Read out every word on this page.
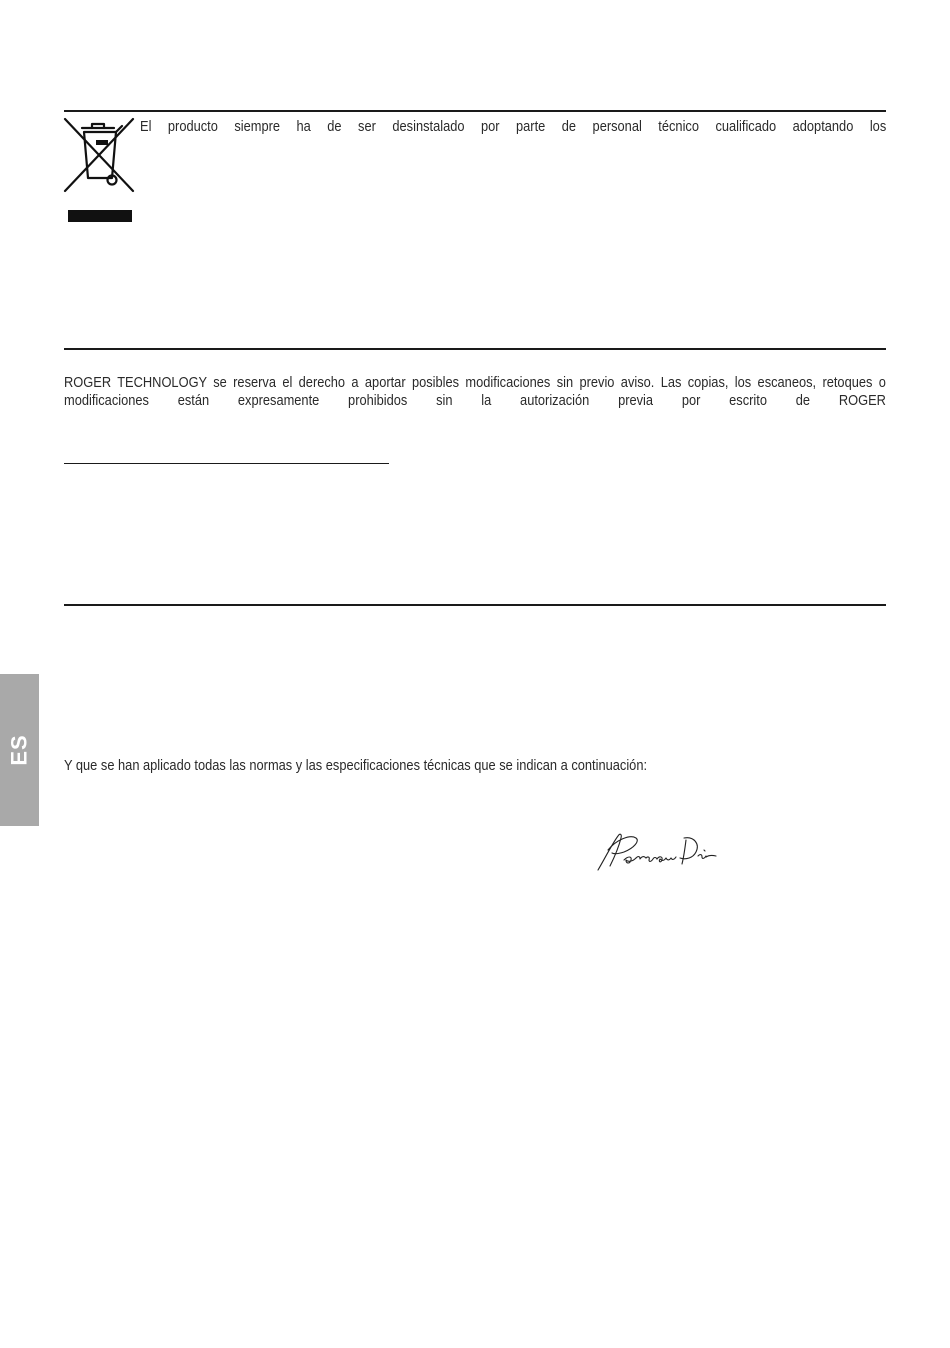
El producto siempre ha de ser desinstalado por parte de personal técnico cualificado adoptando los
ROGER TECHNOLOGY se reserva el derecho a aportar posibles modificaciones sin previo aviso. Las copias, los escaneos, retoques o modificaciones están expresamente prohibidos sin la autorización previa por escrito de ROGER
ES
Y que se han aplicado todas las normas y las especificaciones técnicas que se indican a continuación:
